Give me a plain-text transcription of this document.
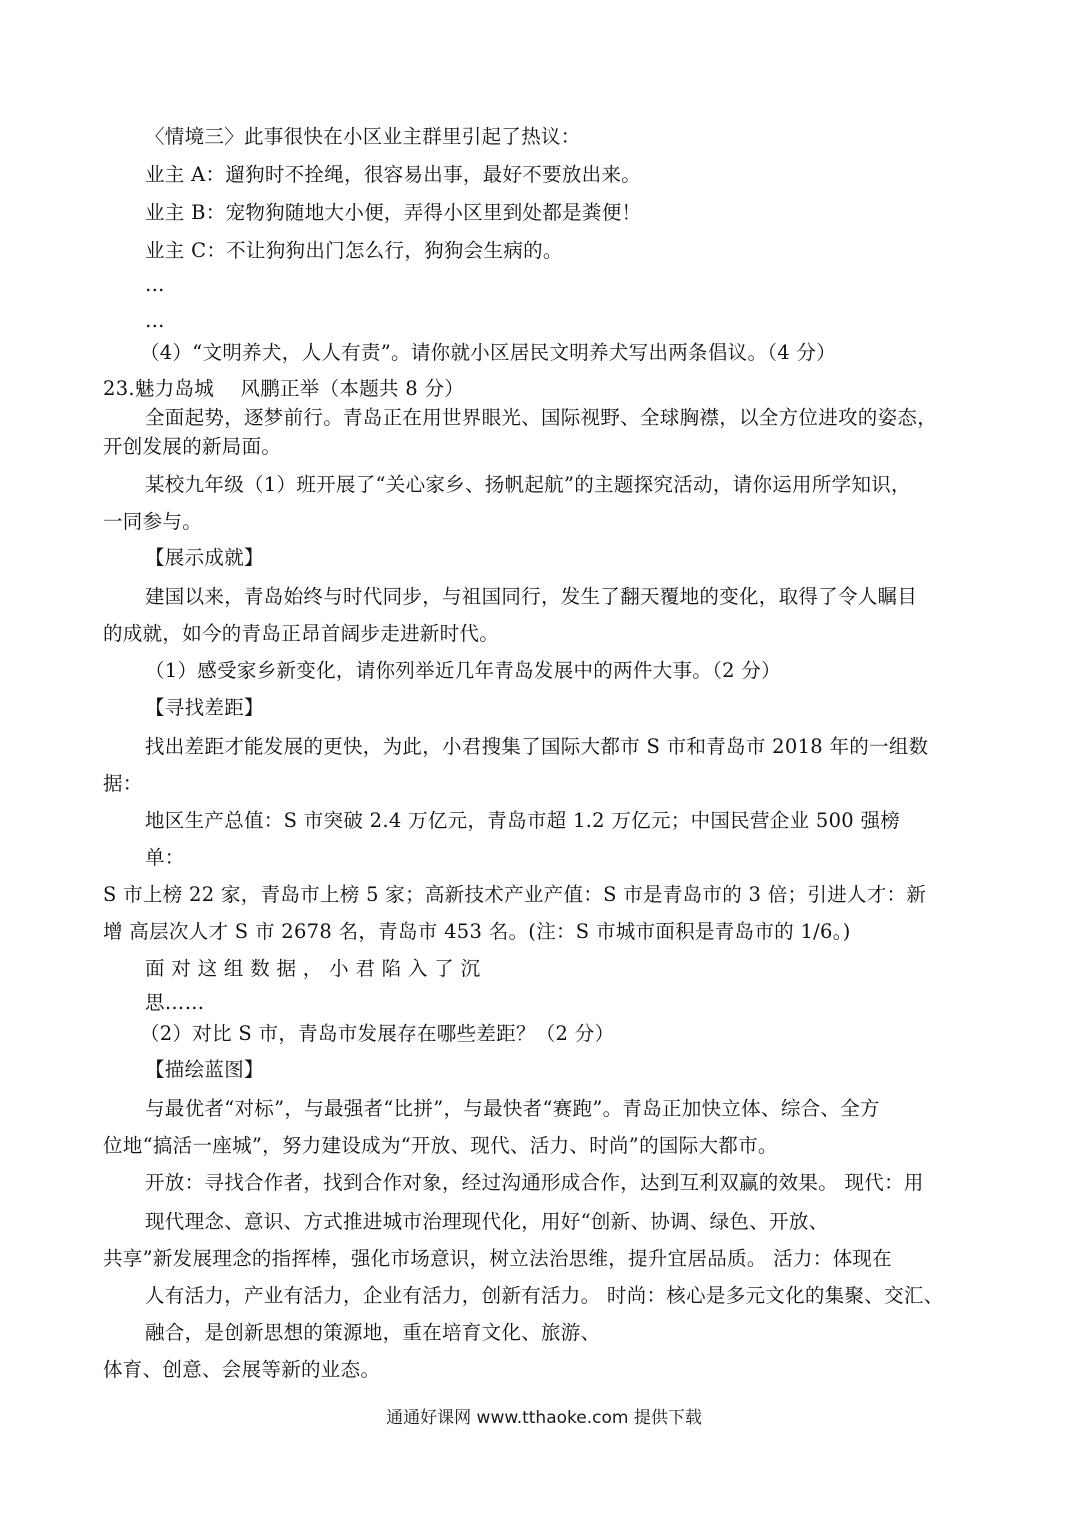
〈情境三〉此事很快在小区业主群里引起了热议：
业主 A：遛狗时不拴绳，很容易出事，最好不要放出来。
业主 B：宠物狗随地大小便，弄得小区里到处都是粪便！
业主 C：不让狗狗出门怎么行，狗狗会生病的。
…
…
（4）“文明养犬，人人有责”。请你就小区居民文明养犬写出两条倡议。（4 分）
23.魅力岛城　 风鹏正举（本题共 8 分）
全面起势，逐梦前行。青岛正在用世界眼光、国际视野、全球胸襟，以全方位进攻的姿态，
开创发展的新局面。
某校九年级（1）班开展了“关心家乡、扬帆起航”的主题探究活动，请你运用所学知识，
一同参与。
【展示成就】
建国以来，青岛始终与时代同步，与祖国同行，发生了翻天覆地的变化，取得了令人瞩目
的成就，如今的青岛正昂首阔步走进新时代。
（1）感受家乡新变化，请你列举近几年青岛发展中的两件大事。（2 分）
【寻找差距】
找出差距才能发展的更快，为此，小君搜集了国际大都市 S 市和青岛市 2018 年的一组数
据：
地区生产总值：S 市突破 2.4 万亿元，青岛市超 1.2 万亿元；中国民营企业 500 强榜
单：
S 市上榜 22 家，青岛市上榜 5 家；高新技术产业产值：S 市是青岛市的 3 倍；引进人才：新
增 高层次人才 S 市 2678 名，青岛市 453 名。(注：S 市城市面积是青岛市的 1/6。)
面 对 这 组 数 据 ， 小 君 陷 入 了 沉
思……
（2）对比 S 市，青岛市发展存在哪些差距？（2 分）
【描绘蓝图】
与最优者“对标”，与最强者“比拼”，与最快者“赛跑”。青岛正加快立体、综合、全方
位地“搞活一座城”，努力建设成为“开放、现代、活力、时尚”的国际大都市。
开放：寻找合作者，找到合作对象，经过沟通形成合作，达到互利双赢的效果。 现代：用
现代理念、意识、方式推进城市治理现代化，用好“创新、协调、绿色、开放、
共享”新发展理念的指挥棒，强化市场意识，树立法治思维，提升宜居品质。 活力：体现在
人有活力，产业有活力，企业有活力，创新有活力。 时尚：核心是多元文化的集聚、交汇、
融合，是创新思想的策源地，重在培育文化、旅游、
体育、创意、会展等新的业态。
通通好课网 www.tthaoke.com 提供下载
